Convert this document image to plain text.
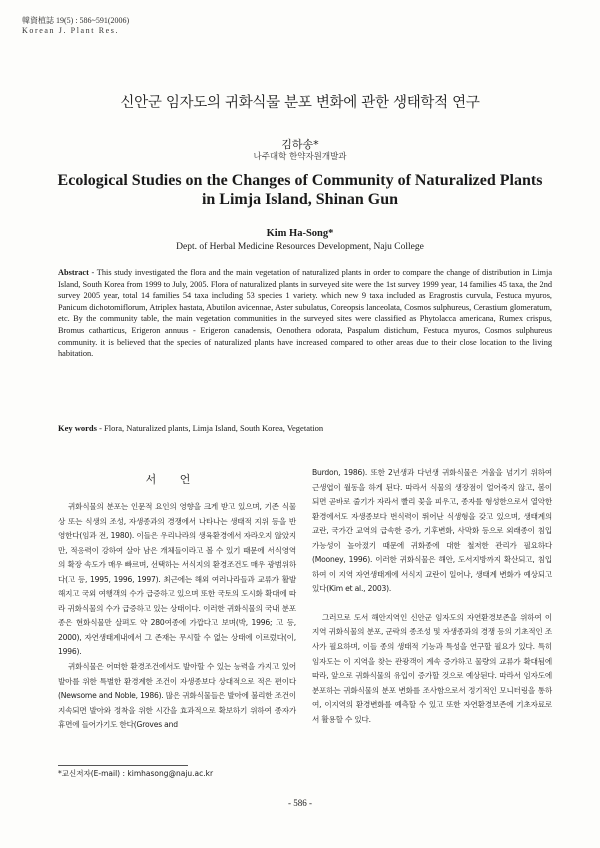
韓資植誌 19(5) : 586~591(2006)
Korean J. Plant Res.
신안군 임자도의 귀화식물 분포 변화에 관한 생태학적 연구
김하송*
나주대학 한약자원개발과
Ecological Studies on the Changes of Community of Naturalized Plants
in Limja Island, Shinan Gun
Kim Ha-Song*
Dept. of Herbal Medicine Resources Development, Naju College
Abstract - This study investigated the flora and the main vegetation of naturalized plants in order to compare the change of distribution in Limja Island, South Korea from 1999 to July, 2005. Flora of naturalized plants in surveyed site were the 1st survey 1999 year, 14 families 45 taxa, the 2nd survey 2005 year, total 14 families 54 taxa including 53 species 1 variety. which new 9 taxa included as Eragrostis curvula, Festuca myuros, Panicum dichotomiflorum, Atriplex hastata, Abutilon avicennae, Aster subulatus, Coreopsis lanceolata, Cosmos sulphureus, Cerastium glomeratum, etc. By the community table, the main vegetation communities in the surveyed sites were classified as Phytolacca americana, Rumex crispus, Bromus catharticus, Erigeron annuus - Erigeron canadensis, Oenothera odorata, Paspalum distichum, Festuca myuros, Cosmos sulphureus community. it is believed that the species of naturalized plants have increased compared to other areas due to their close location to the living habitation.
Key words - Flora, Naturalized plants, Limja Island, South Korea, Vegetation
서 언

귀화식물의 분포는 인문적 요인의 영향을 크게 받고 있으며, 기존 식물상 또는 식생의 조성, 자생종과의 경쟁에서 나타나는 생태적 지위 등을 반영한다(임과 전, 1980). 이들은 우리나라의 생육환경에서 자라오지 않았지만, 적응력이 강하여 살아 남은 개체들이라고 볼 수 있기 때문에 서식영역의 확장 속도가 매우 빠르며, 선택하는 서식지의 환경조건도 매우 광범위하다(고 등, 1995, 1996, 1997). 최근에는 해외 여러나라들과 교류가 활발해지고 국외 여행객의 수가 급증하고 있으며 또한 국토의 도시화 확대에 따라 귀화식물의 수가 급증하고 있는 상태이다. 이러한 귀화식물의 국내 분포종은 현화식물만 살펴도 약 280여종에 가깝다고 보며(박, 1996; 고 등, 2000), 자연생태계내에서 그 존재는 무시할 수 없는 상태에 이르렀다(이, 1996).

귀화식물은 어떠한 환경조건에서도 발아할 수 있는 능력을 가지고 있어 발아를 위한 특별한 환경계한 조건이 자생종보다 상대적으로 적은 편이다(Newsome and Noble, 1986). 많은 귀화식물들은 발아에 불리한 조건이 지속되면 발아와 정착을 위한 시간을 효과적으로 확보하기 위하여 종자가 휴면에 들어가기도 한다(Groves and

Burdon, 1986). 또한 2년생과 다년생 귀화식물은 겨울을 넘기기 위하여 근생엽이 월동을 하게 된다. 따라서 식물의 생장점이 얼어죽지 않고, 봄이 되면 곧바로 줄기가 자라서 빨리 꽃을 피우고, 종자를 형성한으로서 열악한 환경에서도 자생종보다 번식력이 뛰어난 식생형을 갖고 있으며, 생태계의 교란, 국가간 교역의 급속한 증가, 기후변화, 사막화 등으로 외래종이 침입 가능성이 높아졌기 때문에 귀화종에 대한 철저한 관리가 필요하다(Mooney, 1996). 이러한 귀화식물은 해안, 도서지방까지 확산되고, 침입하여 이 지역 자연생태계에 서식지 교란이 일어나, 생태계 변화가 예상되고 있다(Kim et al., 2003).

그러므로 도서 해안지역인 신안군 임자도의 자연환경보존을 위하여 이 지역 귀화식물의 분포, 군락의 종조성 및 자생종과의 경쟁 등의 기초적인 조사가 필요하며, 이들 종의 생태적 기능과 특성을 연구할 필요가 있다. 특히 임자도는 이 지역을 찾는 관광객이 계속 증가하고 물량의 교류가 확대됨에 따라, 앞으로 귀화식물의 유입이 증가할 것으로 예상된다. 따라서 임자도에 분포하는 귀화식물의 분포 변화를 조사함으로서 정기적인 모니터링을 통하여, 이지역의 환경변화를 예측할 수 있고 또한 자연환경보존에 기초자료로서 활용할 수 있다.

*교신저자(E-mail) : kimhasong@naju.ac.kr
- 586 -
